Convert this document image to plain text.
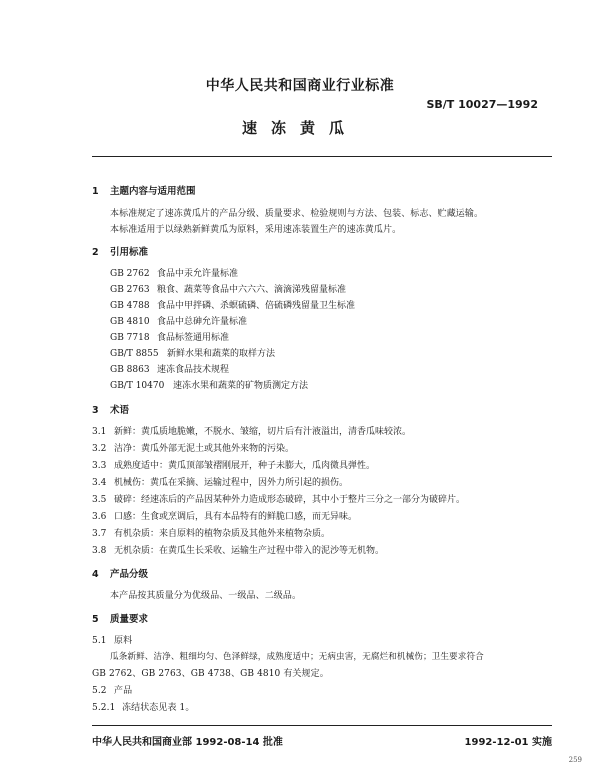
中华人民共和国商业行业标准
SB/T 10027—1992
速冻黄瓜
1 主题内容与适用范围
本标准规定了速冻黄瓜片的产品分级、质量要求、检验规则与方法、包装、标志、贮藏运输。
本标准适用于以绿熟新鲜黄瓜为原料，采用速冻装置生产的速冻黄瓜片。
2 引用标准
GB 2762 食品中汞允许量标准
GB 2763 粮食、蔬菜等食品中六六六、滴滴涕残留量标准
GB 4788 食品中甲拌磷、杀螟硫磷、倍硫磷残留量卫生标准
GB 4810 食品中总砷允许量标准
GB 7718 食品标签通用标准
GB/T 8855 新鲜水果和蔬菜的取样方法
GB 8863 速冻食品技术规程
GB/T 10470 速冻水果和蔬菜的矿物质测定方法
3 术语
3.1 新鲜：黄瓜质地脆嫩，不脱水、皱缩，切片后有汁液溢出，清香瓜味较浓。
3.2 洁净：黄瓜外部无泥土或其他外来物的污染。
3.3 成熟度适中：黄瓜顶部皱褶刚展开，种子未膨大，瓜肉微具弹性。
3.4 机械伤：黄瓜在采摘、运输过程中，因外力所引起的损伤。
3.5 破碎：经速冻后的产品因某种外力造成形态破碎，其中小于整片三分之一部分为破碎片。
3.6 口感：生食或烹调后，具有本品特有的鲜脆口感，而无异味。
3.7 有机杂质：来自原料的植物杂质及其他外来植物杂质。
3.8 无机杂质：在黄瓜生长采收、运输生产过程中带入的泥沙等无机物。
4 产品分级
本产品按其质量分为优级品、一级品、二级品。
5 质量要求
5.1 原料
瓜条新鲜、洁净、粗细均匀、色泽鲜绿，成熟度适中；无病虫害，无腐烂和机械伤；卫生要求符合
GB 2762、GB 2763、GB 4738、GB 4810 有关规定。
5.2 产品
5.2.1 冻结状态见表 1。
中华人民共和国商业部 1992-08-14 批准	1992-12-01 实施
259
